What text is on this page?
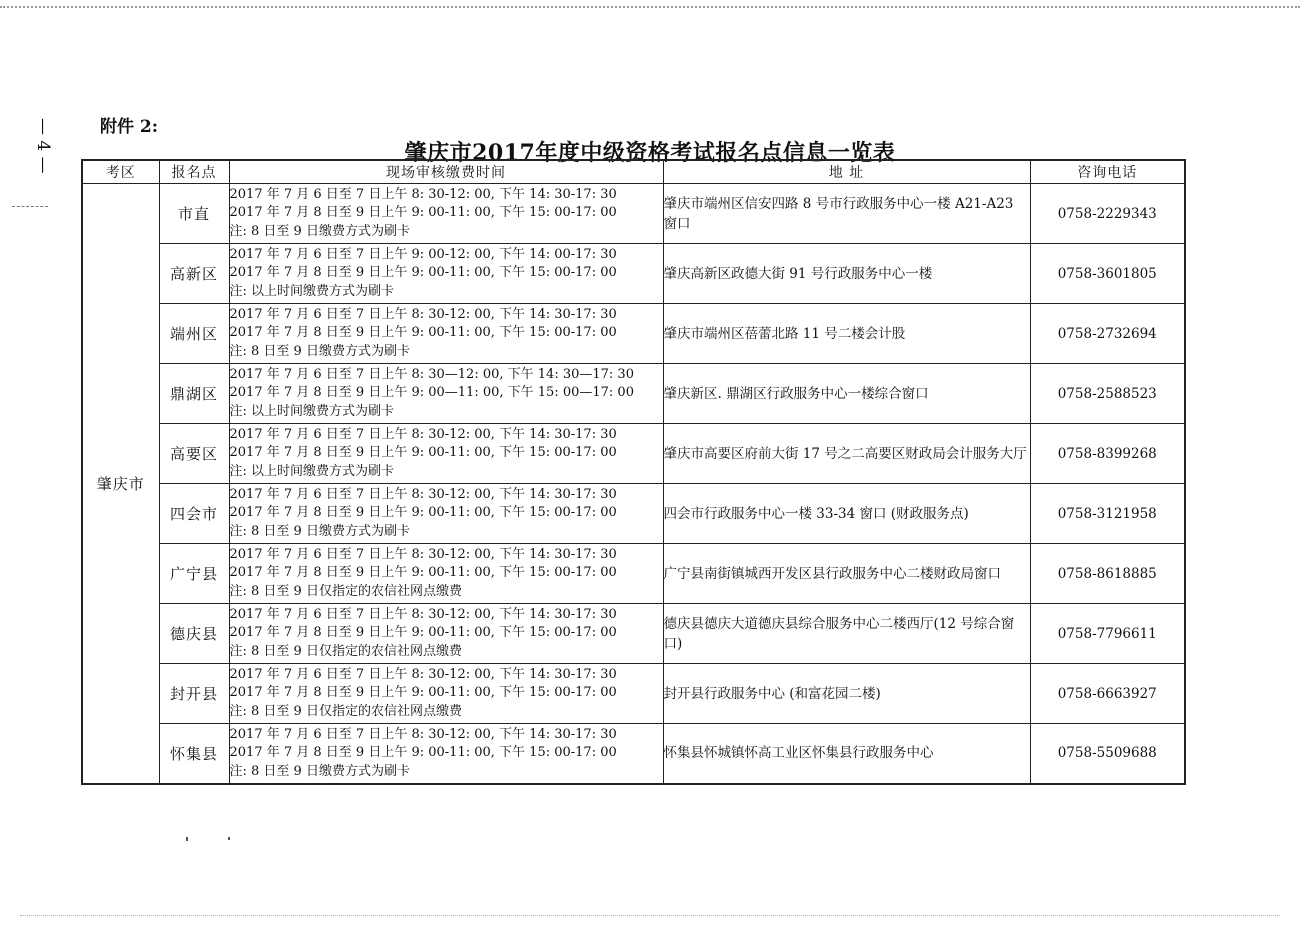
— 4 —	附件 2:
肇庆市2017年度中级资格考试报名点信息一览表
考区	报名点	现场审核缴费时间	地 址	咨询电话
肇庆市	市直	2017 年 7 月 6 日至 7 日上午 8: 30-12: 00, 下午 14: 30-17: 30
2017 年 7 月 8 日至 9 日上午 9: 00-11: 00, 下午 15: 00-17: 00
注: 8 日至 9 日缴费方式为刷卡	肇庆市端州区信安四路 8 号市行政服务中心一楼 A21-A23 窗口	0758-2229343
	高新区	2017 年 7 月 6 日至 7 日上午 9: 00-12: 00, 下午 14: 00-17: 30
2017 年 7 月 8 日至 9 日上午 9: 00-11: 00, 下午 15: 00-17: 00
注: 以上时间缴费方式为刷卡	肇庆高新区政德大街 91 号行政服务中心一楼	0758-3601805
	端州区	2017 年 7 月 6 日至 7 日上午 8: 30-12: 00, 下午 14: 30-17: 30
2017 年 7 月 8 日至 9 日上午 9: 00-11: 00, 下午 15: 00-17: 00
注: 8 日至 9 日缴费方式为刷卡	肇庆市端州区蓓蕾北路 11 号二楼会计股	0758-2732694
	鼎湖区	2017 年 7 月 6 日至 7 日上午 8: 30—12: 00, 下午 14: 30—17: 30
2017 年 7 月 8 日至 9 日上午 9: 00—11: 00, 下午 15: 00—17: 00
注: 以上时间缴费方式为刷卡	肇庆新区. 鼎湖区行政服务中心一楼综合窗口	0758-2588523
	高要区	2017 年 7 月 6 日至 7 日上午 8: 30-12: 00, 下午 14: 30-17: 30
2017 年 7 月 8 日至 9 日上午 9: 00-11: 00, 下午 15: 00-17: 00
注: 以上时间缴费方式为刷卡	肇庆市高要区府前大街 17 号之二高要区财政局会计服务大厅	0758-8399268
	四会市	2017 年 7 月 6 日至 7 日上午 8: 30-12: 00, 下午 14: 30-17: 30
2017 年 7 月 8 日至 9 日上午 9: 00-11: 00, 下午 15: 00-17: 00
注: 8 日至 9 日缴费方式为刷卡	四会市行政服务中心一楼 33-34 窗口 (财政服务点)	0758-3121958
	广宁县	2017 年 7 月 6 日至 7 日上午 8: 30-12: 00, 下午 14: 30-17: 30
2017 年 7 月 8 日至 9 日上午 9: 00-11: 00, 下午 15: 00-17: 00
注: 8 日至 9 日仅指定的农信社网点缴费	广宁县南街镇城西开发区县行政服务中心二楼财政局窗口	0758-8618885
	德庆县	2017 年 7 月 6 日至 7 日上午 8: 30-12: 00, 下午 14: 30-17: 30
2017 年 7 月 8 日至 9 日上午 9: 00-11: 00, 下午 15: 00-17: 00
注: 8 日至 9 日仅指定的农信社网点缴费	德庆县德庆大道德庆县综合服务中心二楼西厅(12 号综合窗口)	0758-7796611
	封开县	2017 年 7 月 6 日至 7 日上午 8: 30-12: 00, 下午 14: 30-17: 30
2017 年 7 月 8 日至 9 日上午 9: 00-11: 00, 下午 15: 00-17: 00
注: 8 日至 9 日仅指定的农信社网点缴费	封开县行政服务中心 (和富花园二楼)	0758-6663927
	怀集县	2017 年 7 月 6 日至 7 日上午 8: 30-12: 00, 下午 14: 30-17: 30
2017 年 7 月 8 日至 9 日上午 9: 00-11: 00, 下午 15: 00-17: 00
注: 8 日至 9 日缴费方式为刷卡	怀集县怀城镇怀高工业区怀集县行政服务中心	0758-5509688
